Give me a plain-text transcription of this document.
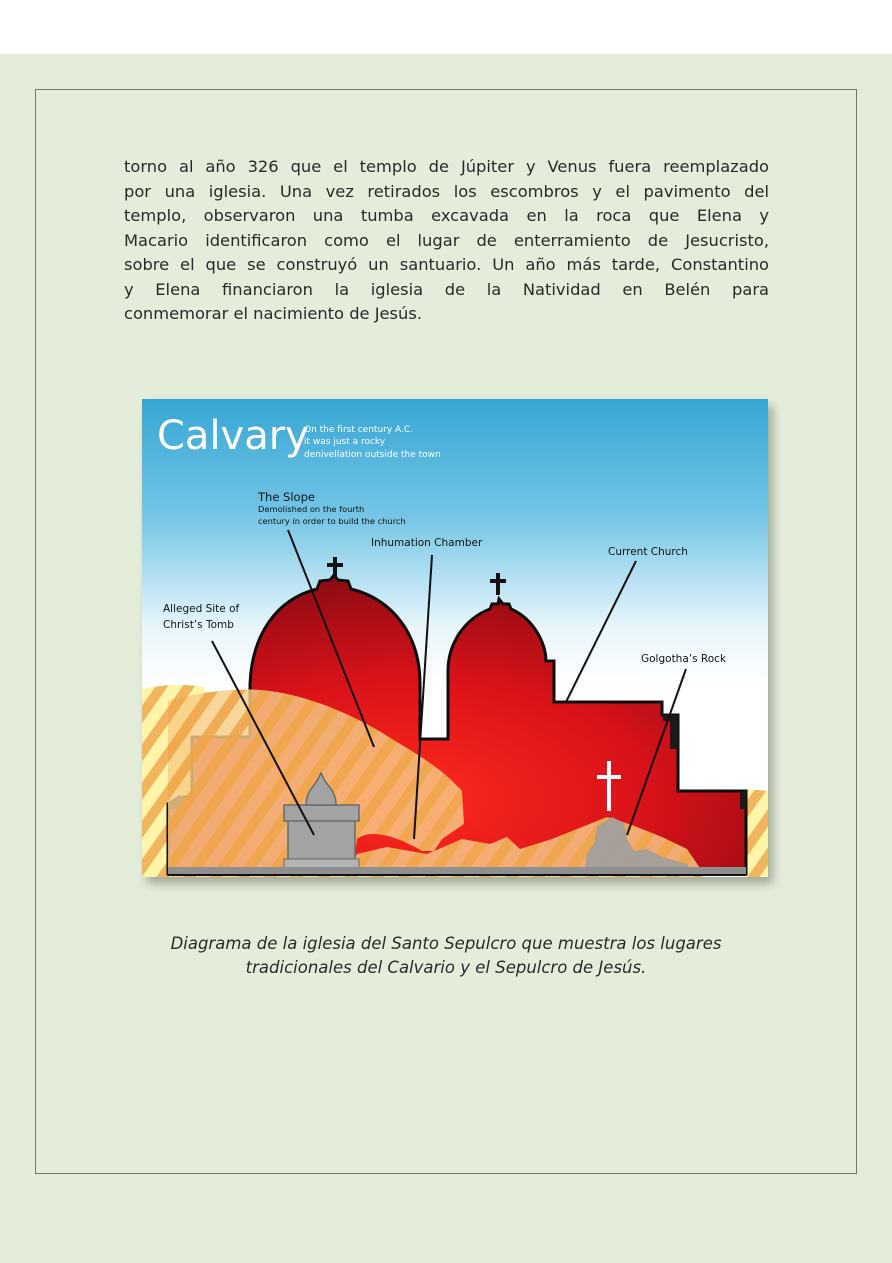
torno al año 326 que el templo de Júpiter y Venus fuera reemplazado
por una iglesia. Una vez retirados los escombros y el pavimento del
templo, observaron una tumba excavada en la roca que Elena y
Macario identificaron como el lugar de enterramiento de Jesucristo,
sobre el que se construyó un santuario. Un año más tarde, Constantino
y Elena financiaron la iglesia de la Natividad en Belén para
conmemorar el nacimiento de Jesús.
Calvary
On the first century A.C.
it was just a rocky
denivellation outside the town
The Slope
Demolished on the fourth
century in order to build the church
Inhumation Chamber
Current Church
Alleged Site of
Christ’s Tomb
Golgotha’s Rock

Diagrama de la iglesia del Santo Sepulcro que muestra los lugares
tradicionales del Calvario y el Sepulcro de Jesús.
